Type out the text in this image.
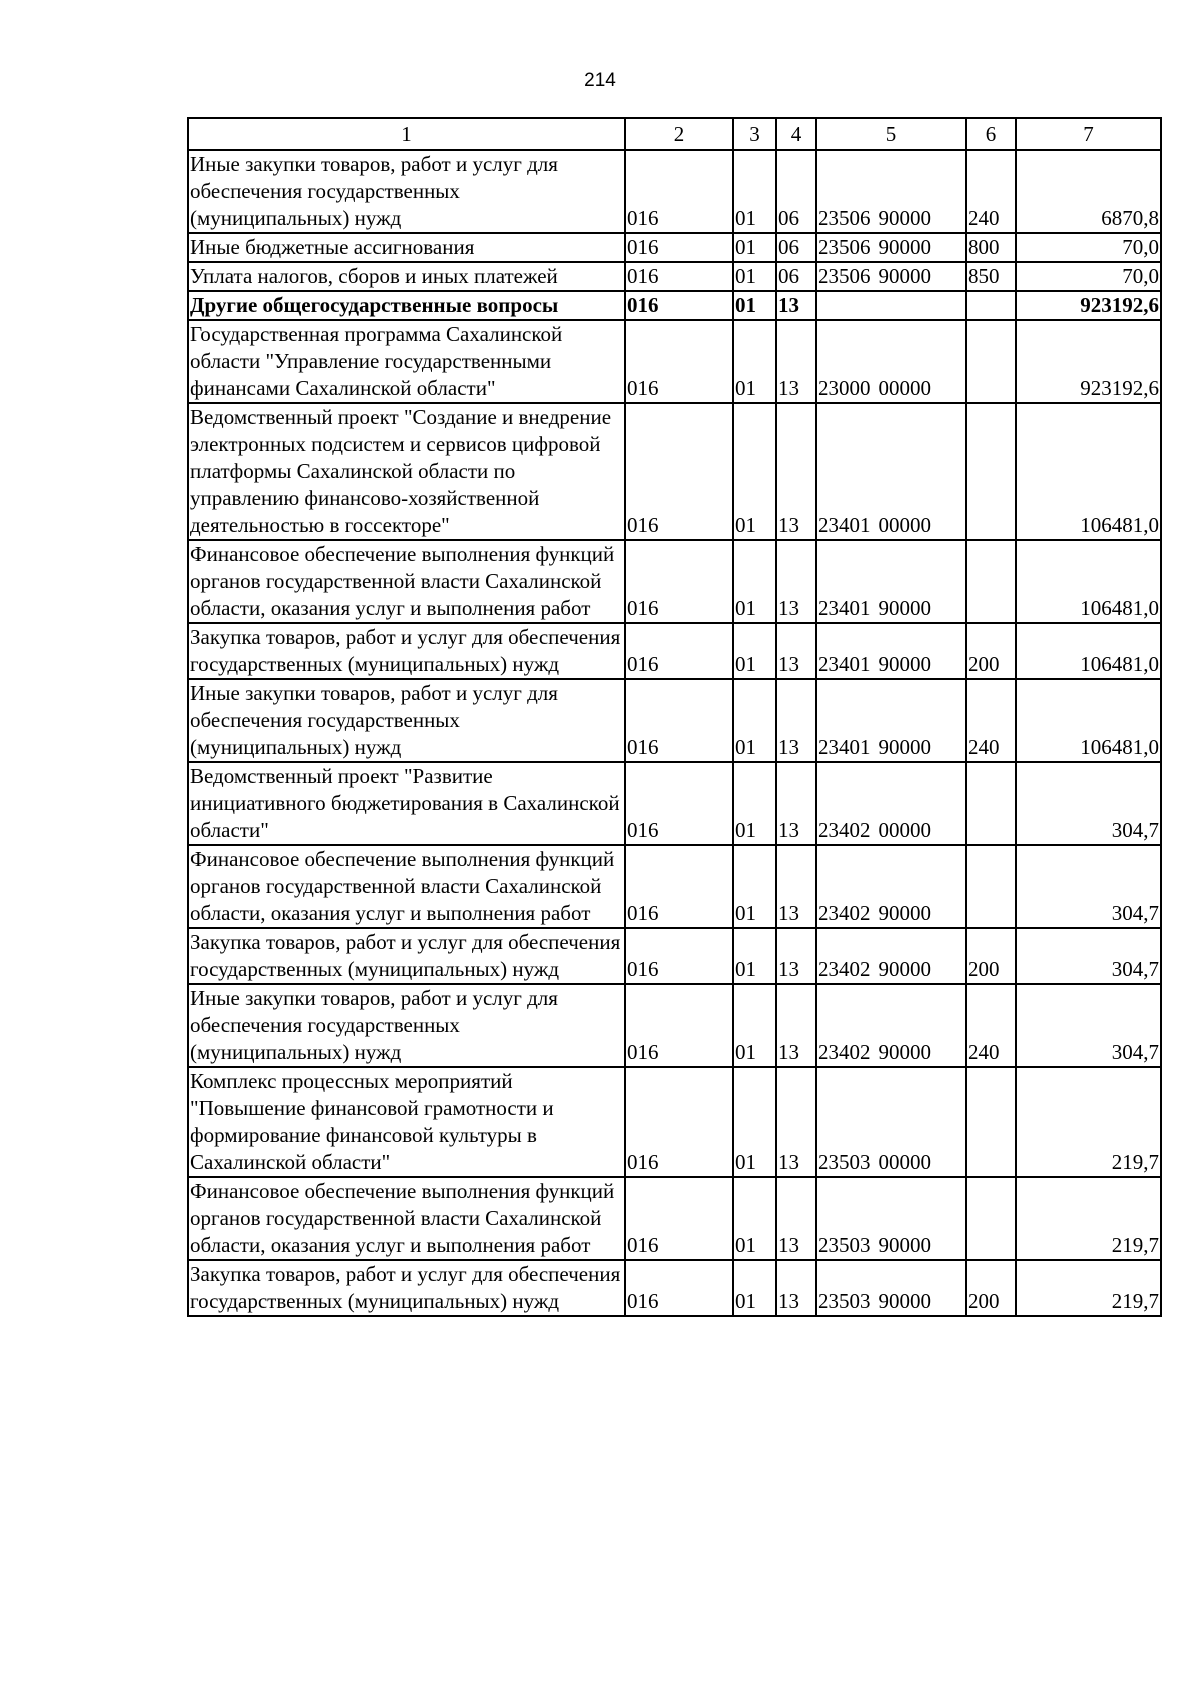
214
1	2	3	4	5	6	7
Иные закупки товаров, работ и услуг для обеспечения государственных (муниципальных) нужд	016	01	06	23506 90000	240	6870,8
Иные бюджетные ассигнования	016	01	06	23506 90000	800	70,0
Уплата налогов, сборов и иных платежей	016	01	06	23506 90000	850	70,0
Другие общегосударственные вопросы	016	01	13			923192,6
Государственная программа Сахалинской области "Управление государственными финансами Сахалинской области"	016	01	13	23000 00000		923192,6
Ведомственный проект "Создание и внедрение электронных подсистем и сервисов цифровой платформы Сахалинской области по управлению финансово-хозяйственной деятельностью в госсекторе"	016	01	13	23401 00000		106481,0
Финансовое обеспечение выполнения функций органов государственной власти Сахалинской области, оказания услуг и выполнения работ	016	01	13	23401 90000		106481,0
Закупка товаров, работ и услуг для обеспечения государственных (муниципальных) нужд	016	01	13	23401 90000	200	106481,0
Иные закупки товаров, работ и услуг для обеспечения государственных (муниципальных) нужд	016	01	13	23401 90000	240	106481,0
Ведомственный проект "Развитие инициативного бюджетирования в Сахалинской области"	016	01	13	23402 00000		304,7
Финансовое обеспечение выполнения функций органов государственной власти Сахалинской области, оказания услуг и выполнения работ	016	01	13	23402 90000		304,7
Закупка товаров, работ и услуг для обеспечения государственных (муниципальных) нужд	016	01	13	23402 90000	200	304,7
Иные закупки товаров, работ и услуг для обеспечения государственных (муниципальных) нужд	016	01	13	23402 90000	240	304,7
Комплекс процессных мероприятий "Повышение финансовой грамотности и формирование финансовой культуры в Сахалинской области"	016	01	13	23503 00000		219,7
Финансовое обеспечение выполнения функций органов государственной власти Сахалинской области, оказания услуг и выполнения работ	016	01	13	23503 90000		219,7
Закупка товаров, работ и услуг для обеспечения государственных (муниципальных) нужд	016	01	13	23503 90000	200	219,7
